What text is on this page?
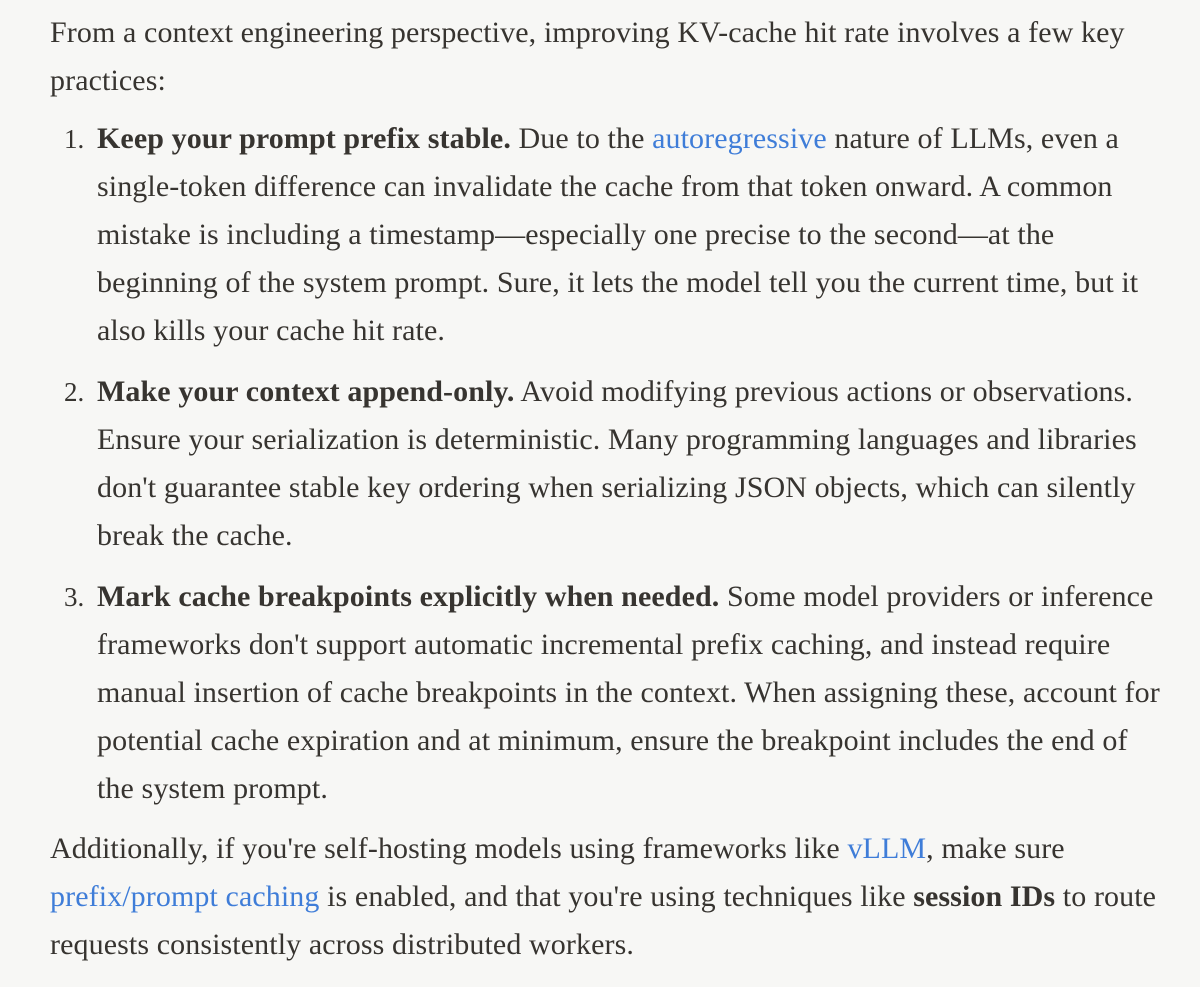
From a context engineering perspective, improving KV-cache hit rate involves a few key practices:

1. Keep your prompt prefix stable. Due to the autoregressive nature of LLMs, even a single-token difference can invalidate the cache from that token onward. A common mistake is including a timestamp—especially one precise to the second—at the beginning of the system prompt. Sure, it lets the model tell you the current time, but it also kills your cache hit rate.
2. Make your context append-only. Avoid modifying previous actions or observations. Ensure your serialization is deterministic. Many programming languages and libraries don't guarantee stable key ordering when serializing JSON objects, which can silently break the cache.
3. Mark cache breakpoints explicitly when needed. Some model providers or inference frameworks don't support automatic incremental prefix caching, and instead require manual insertion of cache breakpoints in the context. When assigning these, account for potential cache expiration and at minimum, ensure the breakpoint includes the end of the system prompt.

Additionally, if you're self-hosting models using frameworks like vLLM, make sure prefix/prompt caching is enabled, and that you're using techniques like session IDs to route requests consistently across distributed workers.
